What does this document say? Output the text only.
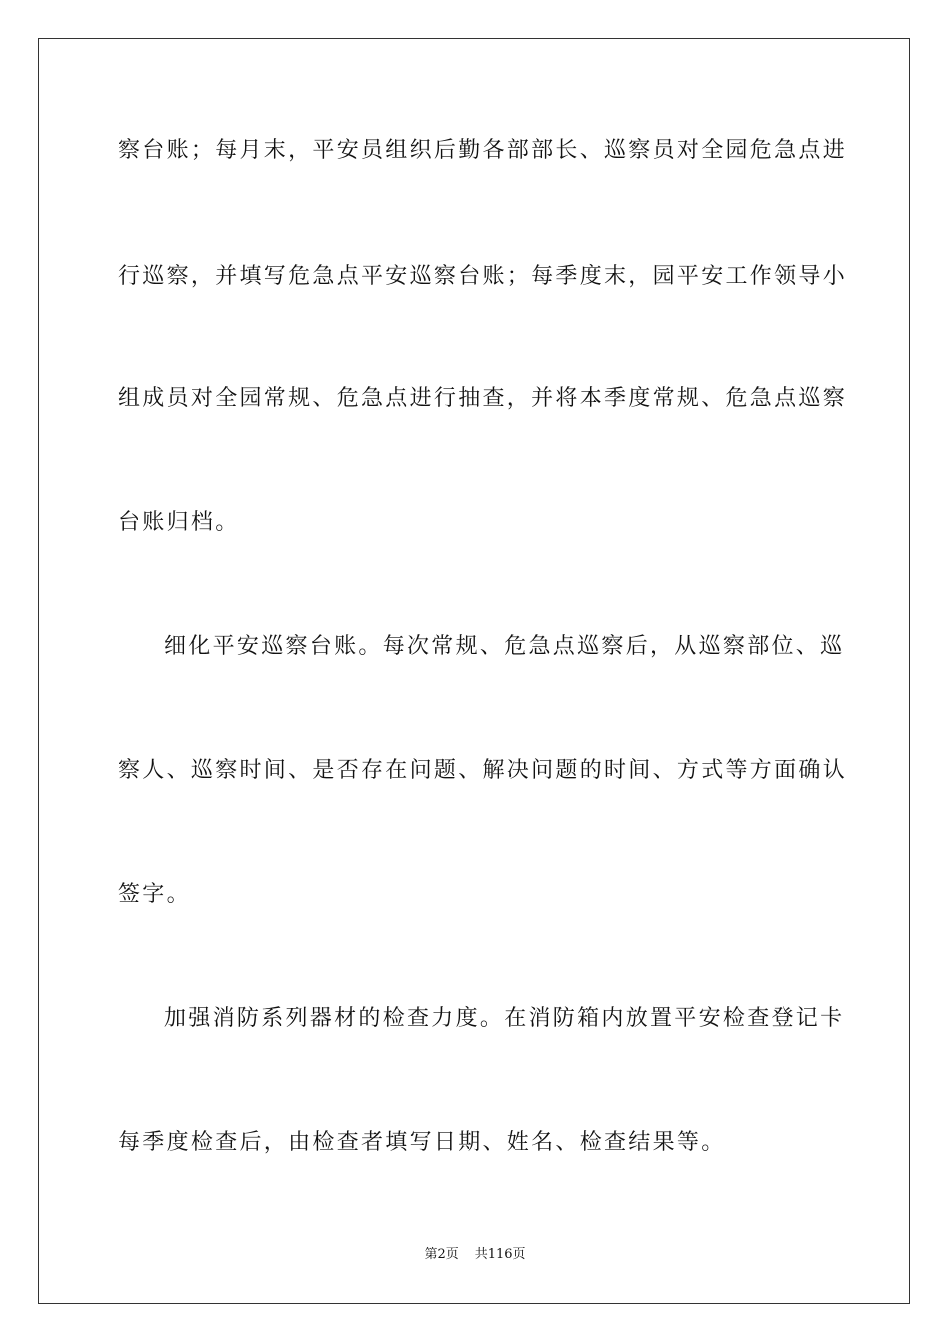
察台账；每月末，平安员组织后勤各部部长、巡察员对全园危急点进
行巡察，并填写危急点平安巡察台账；每季度末，园平安工作领导小
组成员对全园常规、危急点进行抽查，并将本季度常规、危急点巡察
台账归档。
细化平安巡察台账。每次常规、危急点巡察后，从巡察部位、巡
察人、巡察时间、是否存在问题、解决问题的时间、方式等方面确认
签字。
加强消防系列器材的检查力度。在消防箱内放置平安检查登记卡
每季度检查后，由检查者填写日期、姓名、检查结果等。
第2页 共116页
